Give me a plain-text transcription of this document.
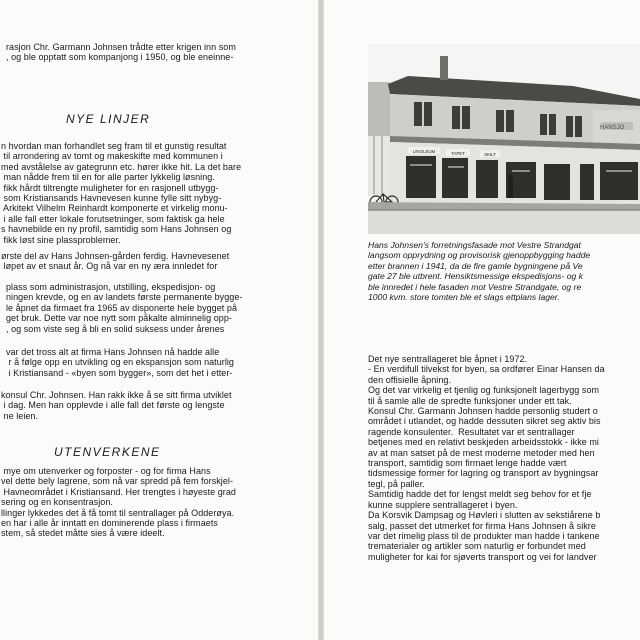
rasjon Chr. Garmann Johnsen trådte etter krigen inn som
, og ble opptatt som kompanjong i 1950, og ble eneinne-

NYE LINJER

n hvordan man forhandlet seg fram til et gunstig resultat
til arrondering av tomt og makeskifte med kommunen i
med avstålelse av gategrunn etc. hører ikke hit. La det bare
man nådde frem til en for alle parter lykkelig løsning.
fikk hårdt tiltrengte muligheter for en rasjonell utbygg-
som Kristiansands Havnevesen kunne fylle sitt nybyg-
Arkitekt Vilhelm Reinhardt komponerte et virkelig monu-
i alle fall etter lokale forutsetninger, som faktisk ga hele
s havnebilde en ny profil, samtidig som Hans Johnsen og
fikk løst sine plassproblemer.

ørste del av Hans Johnsen-gården ferdig. Havnevesenet
løpet av et snaut år. Og nå var en ny æra innledet for

plass som administrasjon, utstilling, ekspedisjon- og
ningen krevde, og en av landets første permanente bygge-
le åpnet da firmaet fra 1965 av disponerte hele bygget på
get bruk. Dette var noe nytt som påkalte alminnelig opp-
, og som viste seg å bli en solid suksess under årenes

var det tross alt at firma Hans Johnsen nå hadde alle
r å følge opp en utvikling og en ekspansjon som naturlig
i Kristiansand - «byen som bygger», som det het i etter-

konsul Chr. Johnsen. Han rakk ikke å se sitt firma utviklet
i dag. Men han opplevde i alle fall det første og lengste
ne leien.

UTENVERKENE

mye om utenverker og forposter - og for firma Hans
vel dette bely lagrene, som nå var spredd på fem forskjel-
Havneområdet i Kristiansand. Her trengtes i høyeste grad
sering og en konsentrasjon.
llinger lykkedes det å få tomt til sentrallager på Odderøya.
en har i alle år inntatt en dominerende plass i firmaets
stem, så stedet måtte sies å være ideelt.

LINOLEUM	TAPET	SKILT
HANSJO

Hans Johnsen's forretningsfasade mot Vestre Strandgat
langsom opprydning og provisorisk gjenoppbygging hadde
etter brannen i 1941, da de fire gamle bygningene på Ve
gate 27 ble utbrent. Hensiktsmessige ekspedisjons- og k
ble innredet i hele fasaden mot Vestre Strandgate, og re
1000 kvm. store tomten ble et slags ettplans lager.

Det nye sentrallageret ble åpnet i 1972.
- En verdifull tilvekst for byen, sa ordfører Einar Hansen da
den offisielle åpning.
Og det var virkelig et tjenlig og funksjonelt lagerbygg som
til å samle alle de spredte funksjoner under ett tak.
Konsul Chr. Garmann Johnsen hadde personlig studert o
området i utlandet, og hadde dessuten sikret seg aktiv bis
ragende konsulenter.  Resultatet var et sentrallager
betjenes med en relativt beskjeden arbeidsstokk - ikke mi
av at man satset på de mest moderne metoder med hen
transport, samtidig som firmaet lenge hadde vært
tidsmessige former for lagring og transport av bygningsar
tegl, på paller.
Samtidig hadde det for lengst meldt seg behov for et fje
kunne supplere sentrallageret i byen.
Da Korsvik Dampsag og Høvleri i slutten av sekstiårene b
salg, passet det utmerket for firma Hans Johnsen å sikre
var det rimelig plass til de produkter man hadde i tankene
trematerialer og artikler som naturlig er forbundet med
muligheter for kai for sjøverts transport og vei for landver
